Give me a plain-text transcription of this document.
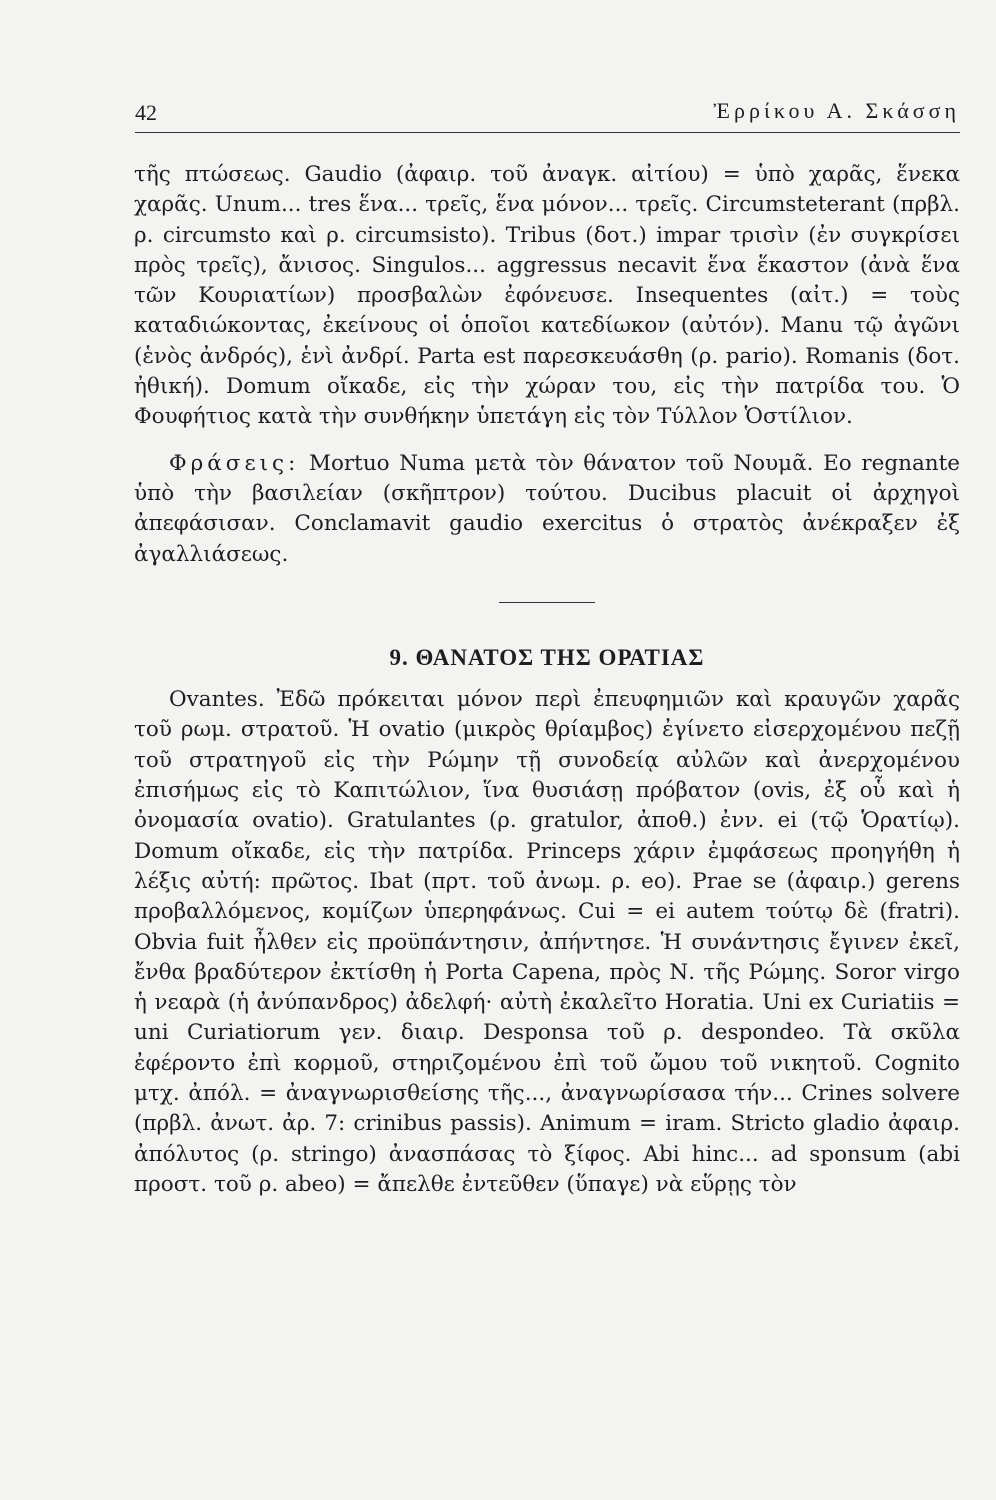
42	Ἐρρίκου Α. Σκάσση

τῆς πτώσεως. Gaudio (ἀφαιρ. τοῦ ἀναγκ. αἰτίου) = ὑπὸ χαρᾶς, ἕνεκα χαρᾶς. Unum... tres ἕνα... τρεῖς, ἕνα μόνον... τρεῖς. Circumsteterant (πρβλ. ρ. circumsto καὶ ρ. circumsisto). Tribus (δοτ.) impar τρισὶν (ἐν συγκρίσει πρὸς τρεῖς), ἄνισος. Singulos... aggressus necavit ἕνα ἕκαστον (ἀνὰ ἕνα τῶν Κουριατίων) προσβαλὼν ἐφόνευσε. Insequentes (αἰτ.) = τοὺς καταδιώκοντας, ἐκείνους οἱ ὁποῖοι κατεδίωκον (αὐτόν). Manu τῷ ἀγῶνι (ἑνὸς ἀνδρός), ἑνὶ ἀνδρί. Parta est παρεσκευάσθη (ρ. pario). Romanis (δοτ. ἠθική). Domum οἴκαδε, εἰς τὴν χώραν του, εἰς τὴν πατρίδα του. Ὁ Φουφήτιος κατὰ τὴν συνθήκην ὑπετάγη εἰς τὸν Τύλλον Ὁστίλιον.

Φράσεις: Mortuo Numa μετὰ τὸν θάνατον τοῦ Νουμᾶ. Eo regnante ὑπὸ τὴν βασιλείαν (σκῆπτρον) τούτου. Ducibus placuit οἱ ἀρχηγοὶ ἀπεφάσισαν. Conclamavit gaudio exercitus ὁ στρατὸς ἀνέκραξεν ἐξ ἀγαλλιάσεως.

9. ΘΑΝΑΤΟΣ ΤΗΣ ΟΡΑΤΙΑΣ

Ovantes. Ἐδῶ πρόκειται μόνον περὶ ἐπευφημιῶν καὶ κραυγῶν χαρᾶς τοῦ ρωμ. στρατοῦ. Ἡ ovatio (μικρὸς θρίαμβος) ἐγίνετο εἰσερχομένου πεζῇ τοῦ στρατηγοῦ εἰς τὴν Ρώμην τῇ συνοδείᾳ αὐλῶν καὶ ἀνερχομένου ἐπισήμως εἰς τὸ Καπιτώλιον, ἵνα θυσιάσῃ πρόβατον (ovis, ἐξ οὗ καὶ ἡ ὀνομασία ovatio). Gratulantes (ρ. gratulor, ἀποθ.) ἐνν. ei (τῷ Ὁρατίῳ). Domum οἴκαδε, εἰς τὴν πατρίδα. Princeps χάριν ἐμφάσεως προηγήθη ἡ λέξις αὐτή: πρῶτος. Ibat (πρτ. τοῦ ἀνωμ. ρ. eo). Prae se (ἀφαιρ.) gerens προβαλλόμενος, κομίζων ὑπερηφάνως. Cui = ei autem τούτῳ δὲ (fratri). Obvia fuit ἦλθεν εἰς προϋπάντησιν, ἀπήντησε. Ἡ συνάντησις ἔγινεν ἐκεῖ, ἔνθα βραδύτερον ἐκτίσθη ἡ Porta Capena, πρὸς Ν. τῆς Ρώμης. Soror virgo ἡ νεαρὰ (ἡ ἀνύπανδρος) ἀδελφή· αὐτὴ ἐκαλεῖτο Horatia. Uni ex Curiatiis = uni Curiatiorum γεν. διαιρ. Desponsa τοῦ ρ. despondeo. Τὰ σκῦλα ἐφέροντο ἐπὶ κορμοῦ, στηριζομένου ἐπὶ τοῦ ὤμου τοῦ νικητοῦ. Cognito μτχ. ἀπόλ. = ἀναγνωρισθείσης τῆς..., ἀναγνωρίσασα τήν... Crines solvere (πρβλ. ἀνωτ. ἀρ. 7: crinibus passis). Animum = iram. Stricto gladio ἀφαιρ. ἀπόλυτος (ρ. stringo) ἀνασπάσας τὸ ξίφος. Abi hinc... ad sponsum (abi προστ. τοῦ ρ. abeo) = ἄπελθε ἐντεῦθεν (ὕπαγε) νὰ εὕρῃς τὸν
